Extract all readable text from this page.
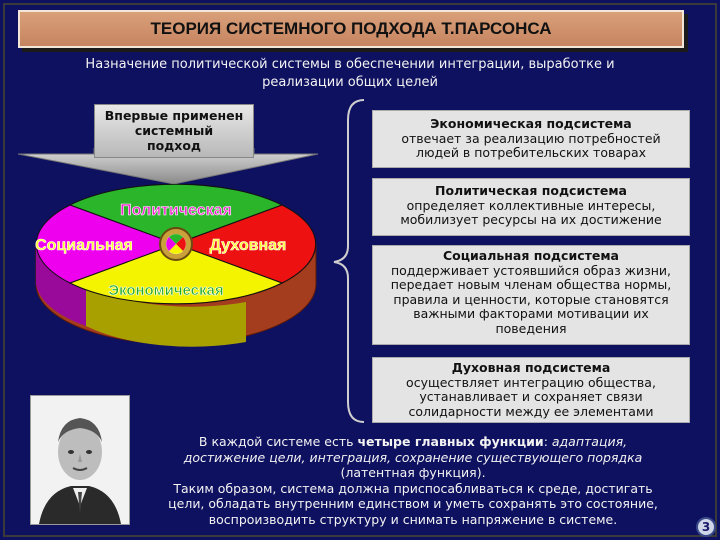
ТЕОРИЯ СИСТЕМНОГО ПОДХОДА Т.ПАРСОНСА
Назначение политической системы в обеспечении интеграции, выработке и
реализации общих целей
Впервые применен
системный
подход
Политическая
Социальная	Духовная
Экономическая
Экономическая подсистема
отвечает за реализацию потребностей
людей в потребительских товарах
Политическая подсистема
определяет коллективные интересы,
мобилизует ресурсы на их достижение
Социальная подсистема
поддерживает устоявшийся образ жизни,
передает новым членам общества нормы,
правила и ценности, которые становятся
важными факторами мотивации их
поведения
Духовная подсистема
осуществляет интеграцию общества,
устанавливает и сохраняет связи
солидарности между ее элементами
В каждой системе есть четыре главных функции: адаптация,
достижение цели, интеграция, сохранение существующего порядка
(латентная функция).
Таким образом, система должна приспосабливаться к среде, достигать
цели, обладать внутренним единством и уметь сохранять это состояние,
воспроизводить структуру и снимать напряжение в системе.
3
